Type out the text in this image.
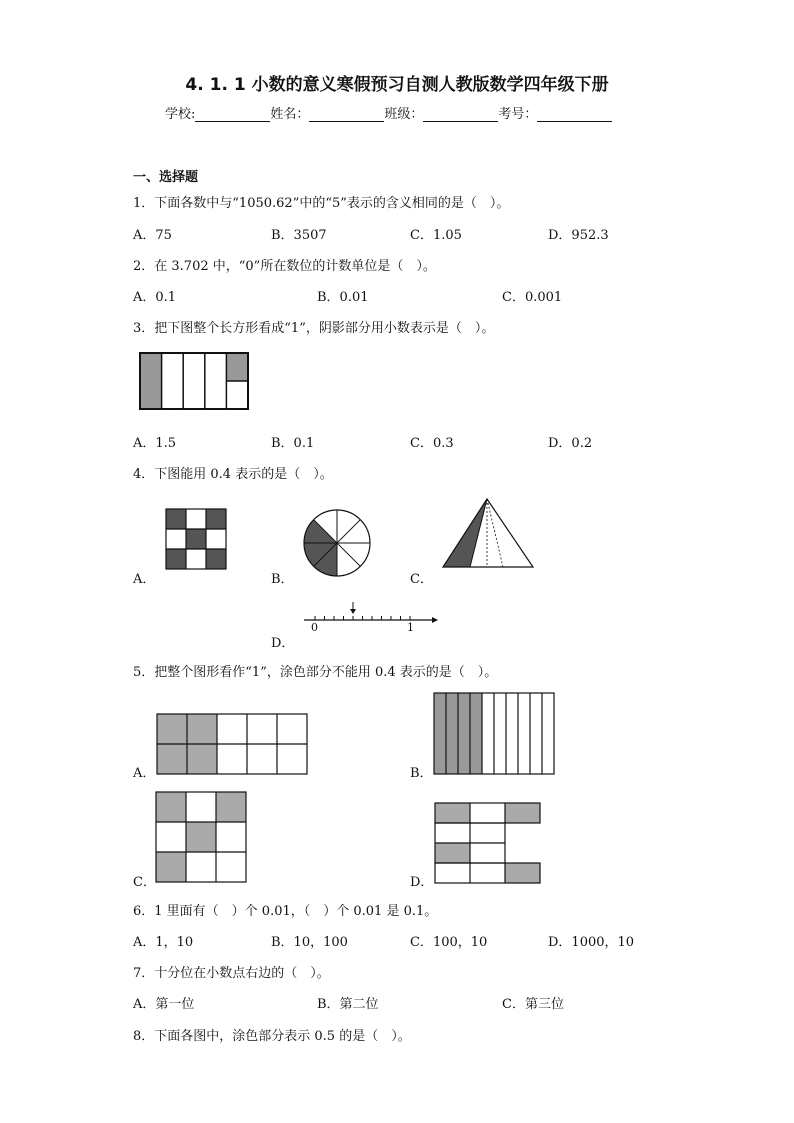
4. 1. 1 小数的意义寒假预习自测人教版数学四年级下册
学校:	姓名：	班级：	考号：
一、选择题
1．下面各数中与“1050.62”中的“5”表示的含义相同的是（　）。
A．75	B．3507	C．1.05	D．952.3
2．在 3.702 中，“0”所在数位的计数单位是（　）。
A．0.1	B．0.01	C．0.001
3．把下图整个长方形看成“1”，阴影部分用小数表示是（　）。
A．1.5	B．0.1	C．0.3	D．0.2
4．下图能用 0.4 表示的是（　）。
A．	B．	C．
0	1
D．
5．把整个图形看作“1”，涂色部分不能用 0.4 表示的是（　）。
A．	B．
C．	D．
6．1 里面有（　）个 0.01，（　）个 0.01 是 0.1。
A．1，10	B．10，100	C．100，10	D．1000，10
7．十分位在小数点右边的（　）。
A．第一位	B．第二位	C．第三位
8．下面各图中，涂色部分表示 0.5 的是（　）。
